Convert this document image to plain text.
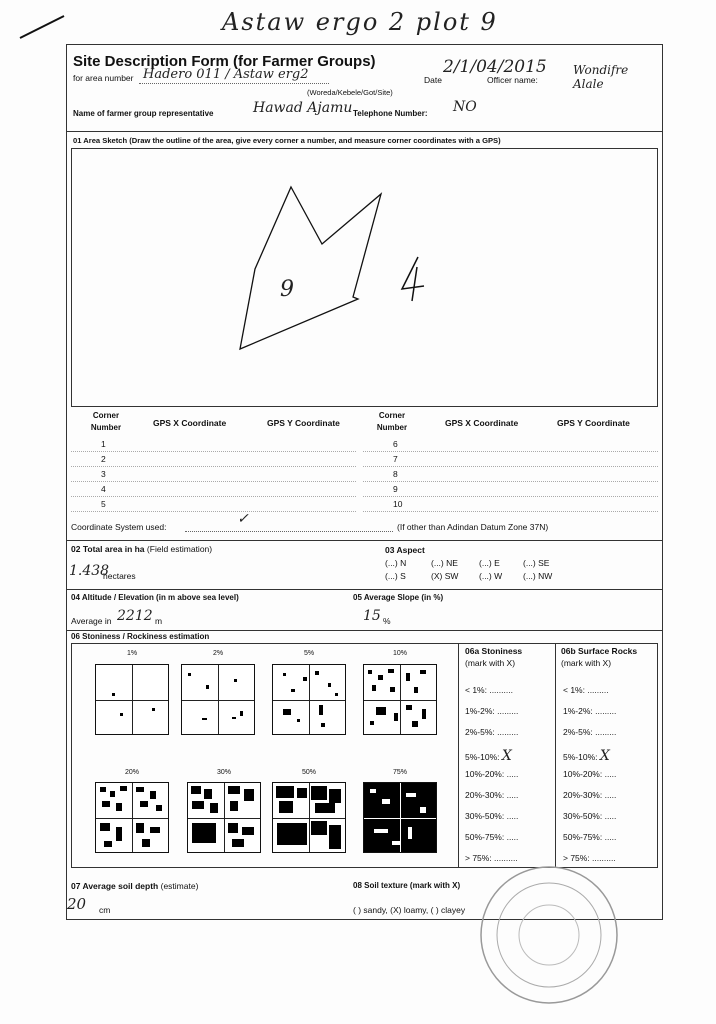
Astaw ergo 2 plot 9
Site Description Form (for Farmer Groups)
for area number Hadero 011 / Astaw erg2
(Woreda/Kebele/Got/Site)
Date
2/1/04/2015
Officer name:
Wondifre Alale
Name of farmer group representative	Hawad Ajamu Telephone Number: NO
01 Area Sketch (Draw the outline of the area, give every corner a number, and measure corner coordinates with a GPS)
9
Corner Number	GPS X Coordinate	GPS Y Coordinate
1
2
3
4
5
Corner Number	GPS X Coordinate	GPS Y Coordinate
6
7
8
9
10
Coordinate System used:	✓	(If other than Adindan Datum Zone 37N)
02 Total area in ha (Field estimation)
1.438
hectares
03 Aspect
(...) N	(...) NE (...) E	(...) SE
(...) S	(X) SW (...) W (...) NW
04 Altitude / Elevation (in m above sea level)
Average in 2212 m
05 Average Slope (in %)
15 %
06 Stoniness / Rockiness estimation
1%	2%	5%	10%
20%	30%	50%	75%
06a Stoniness
(mark with X)
06b Surface Rocks
(mark with X)
< 1%: ..........
1%-2%: .........
2%-5%: .........
5%-10%: X
10%-20%: .....
20%-30%: .....
30%-50%: .....
50%-75%: .....
> 75%: ..........
< 1%: .........
1%-2%: .........
2%-5%: .........
5%-10%: X
10%-20%: .....
20%-30%: .....
30%-50%: .....
50%-75%: .....
> 75%: ..........
07 Average soil depth (estimate)
20 cm
08 Soil texture (mark with X)
( ) sandy, (X) loamy, ( ) clayey
